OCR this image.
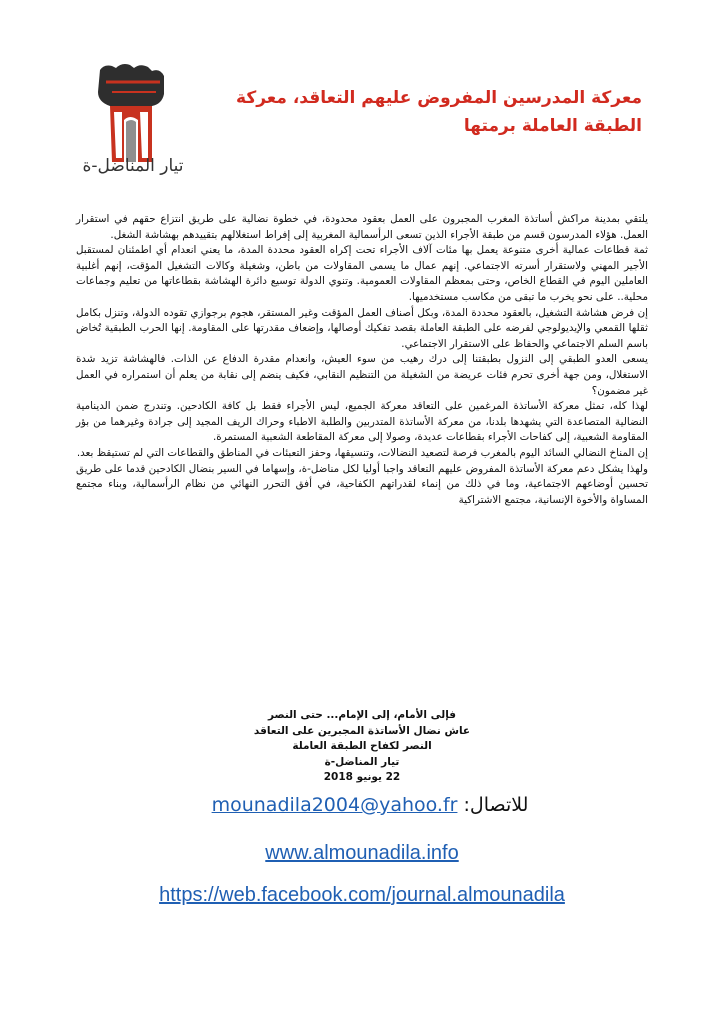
تيار المناضل-ة
معركة المدرسين المفروض عليهم التعاقد، معركة الطبقة العاملة برمتها

يلتقي بمدينة مراكش أساتذة المغرب المجبرون على العمل بعقود محدودة، في خطوة نضالية على طريق انتزاع حقهم في استقرار العمل. هؤلاء المدرسون قسم من طبقة الأجراء الذين تسعى الرأسمالية المغربية إلى إفراط استغلالهم بتقييدهم بهشاشة الشغل.

ثمة قطاعات عمالية أخرى متنوعة يعمل بها مئات آلاف الأجراء تحت إكراه العقود محددة المدة، ما يعني انعدام أي اطمئنان لمستقبل الأجير المهني ولاستقرار أسرته الاجتماعي. إنهم عمال ما يسمى المقاولات من باطن، وشغيلة وكالات التشغيل المؤقت، إنهم أغلبية العاملين اليوم في القطاع الخاص، وحتى بمعظم المقاولات العمومية. وتنوي الدولة توسيع دائرة الهشاشة بقطاعاتها من تعليم وجماعات محلية.. على نحو يخرب ما تبقى من مكاسب مستخدميها.

إن فرض هشاشة التشغيل، بالعقود محددة المدة، وبكل أصناف العمل المؤقت وغير المستقر، هجوم برجوازي تقوده الدولة، وتنزل بكامل ثقلها القمعي والإيديولوجي لفرضه على الطبقة العاملة بقصد تفكيك أوصالها، وإضعاف مقدرتها على المقاومة. إنها الحرب الطبقية تُخاض باسم السلم الاجتماعي والحفاظ على الاستقرار الاجتماعي.

يسعى العدو الطبقي إلى النزول بطبقتنا إلى درك رهيب من سوء العيش، وانعدام مقدرة الدفاع عن الذات. فالهشاشة تزيد شدة الاستغلال، ومن جهة أخرى تحرم فئات عريضة من الشغيلة من التنظيم النقابي، فكيف ينضم إلى نقابة من يعلم أن استمراره في العمل غير مضمون؟

لهذا كله، تمثل معركة الأساتذة المرغمين على التعاقد معركة الجميع، ليس الأجراء فقط بل كافة الكادحين. وتندرج ضمن الدينامية النضالية المتصاعدة التي يشهدها بلدنا، من معركة الأساتذة المتدربين والطلبة الاطباء وحراك الريف المجيد إلى جرادة وغيرهما من بؤر المقاومة الشعبية، إلى كفاحات الأجراء بقطاعات عديدة، وصولا إلى معركة المقاطعة الشعبية المستمرة.

إن المناخ النضالي السائد اليوم بالمغرب فرصة لتصعيد النضالات، وتنسيقها، وحفز التعبئات في المناطق والقطاعات التي لم تستيقظ بعد.

ولهذا يشكل دعم معركة الأساتذة المفروض عليهم التعاقد واجبا أوليا لكل مناضل-ة، وإسهاما في السير بنضال الكادحين قدما على طريق تحسين أوضاعهم الاجتماعية، وما في ذلك من إنماء لقدراتهم الكفاحية، في أفق التحرر النهائي من نظام الرأسمالية، وبناء مجتمع المساواة والأخوة الإنسانية، مجتمع الاشتراكية

فإلى الأمام، إلى الإمام... حتى النصر
عاش نضال الأساتذة المجبرين على التعاقد
النصر لكفاح الطبقة العاملة
تيار المناضل-ة
22 يونيو 2018
للاتصال: mounadila2004@yahoo.fr
www.almounadila.info
https://web.facebook.com/journal.almounadila
